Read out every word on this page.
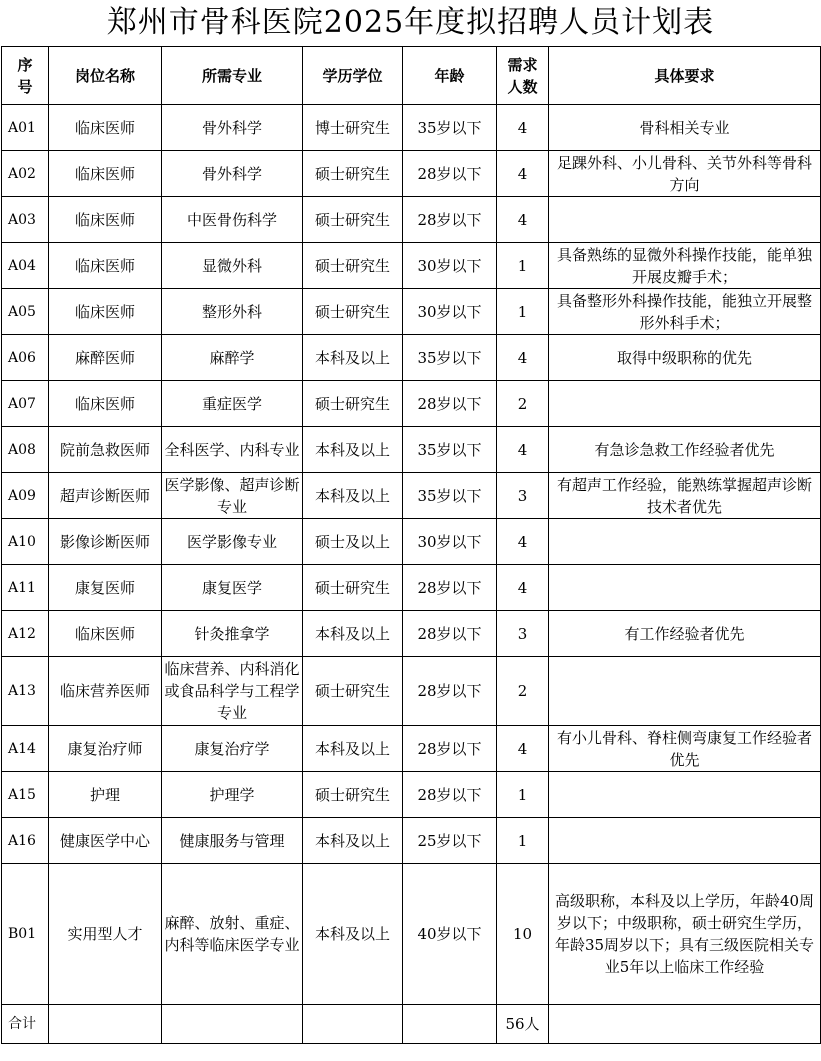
郑州市骨科医院2025年度拟招聘人员计划表
序号	岗位名称	所需专业	学历学位	年龄	需求人数	具体要求
A01	临床医师	骨外科学	博士研究生	35岁以下	4	骨科相关专业
A02	临床医师	骨外科学	硕士研究生	28岁以下	4	足踝外科、小儿骨科、关节外科等骨科方向
A03	临床医师	中医骨伤科学	硕士研究生	28岁以下	4	
A04	临床医师	显微外科	硕士研究生	30岁以下	1	具备熟练的显微外科操作技能，能单独开展皮瓣手术；
A05	临床医师	整形外科	硕士研究生	30岁以下	1	具备整形外科操作技能，能独立开展整形外科手术；
A06	麻醉医师	麻醉学	本科及以上	35岁以下	4	取得中级职称的优先
A07	临床医师	重症医学	硕士研究生	28岁以下	2	
A08	院前急救医师	全科医学、内科专业	本科及以上	35岁以下	4	有急诊急救工作经验者优先
A09	超声诊断医师	医学影像、超声诊断专业	本科及以上	35岁以下	3	有超声工作经验，能熟练掌握超声诊断技术者优先
A10	影像诊断医师	医学影像专业	硕士及以上	30岁以下	4	
A11	康复医师	康复医学	硕士研究生	28岁以下	4	
A12	临床医师	针灸推拿学	本科及以上	28岁以下	3	有工作经验者优先
A13	临床营养医师	临床营养、内科消化或食品科学与工程学专业	硕士研究生	28岁以下	2	
A14	康复治疗师	康复治疗学	本科及以上	28岁以下	4	有小儿骨科、脊柱侧弯康复工作经验者优先
A15	护理	护理学	硕士研究生	28岁以下	1	
A16	健康医学中心	健康服务与管理	本科及以上	25岁以下	1	
B01	实用型人才	麻醉、放射、重症、内科等临床医学专业	本科及以上	40岁以下	10	高级职称，本科及以上学历，年龄40周岁以下；中级职称，硕士研究生学历，年龄35周岁以下；具有三级医院相关专业5年以上临床工作经验
合计					56人	
